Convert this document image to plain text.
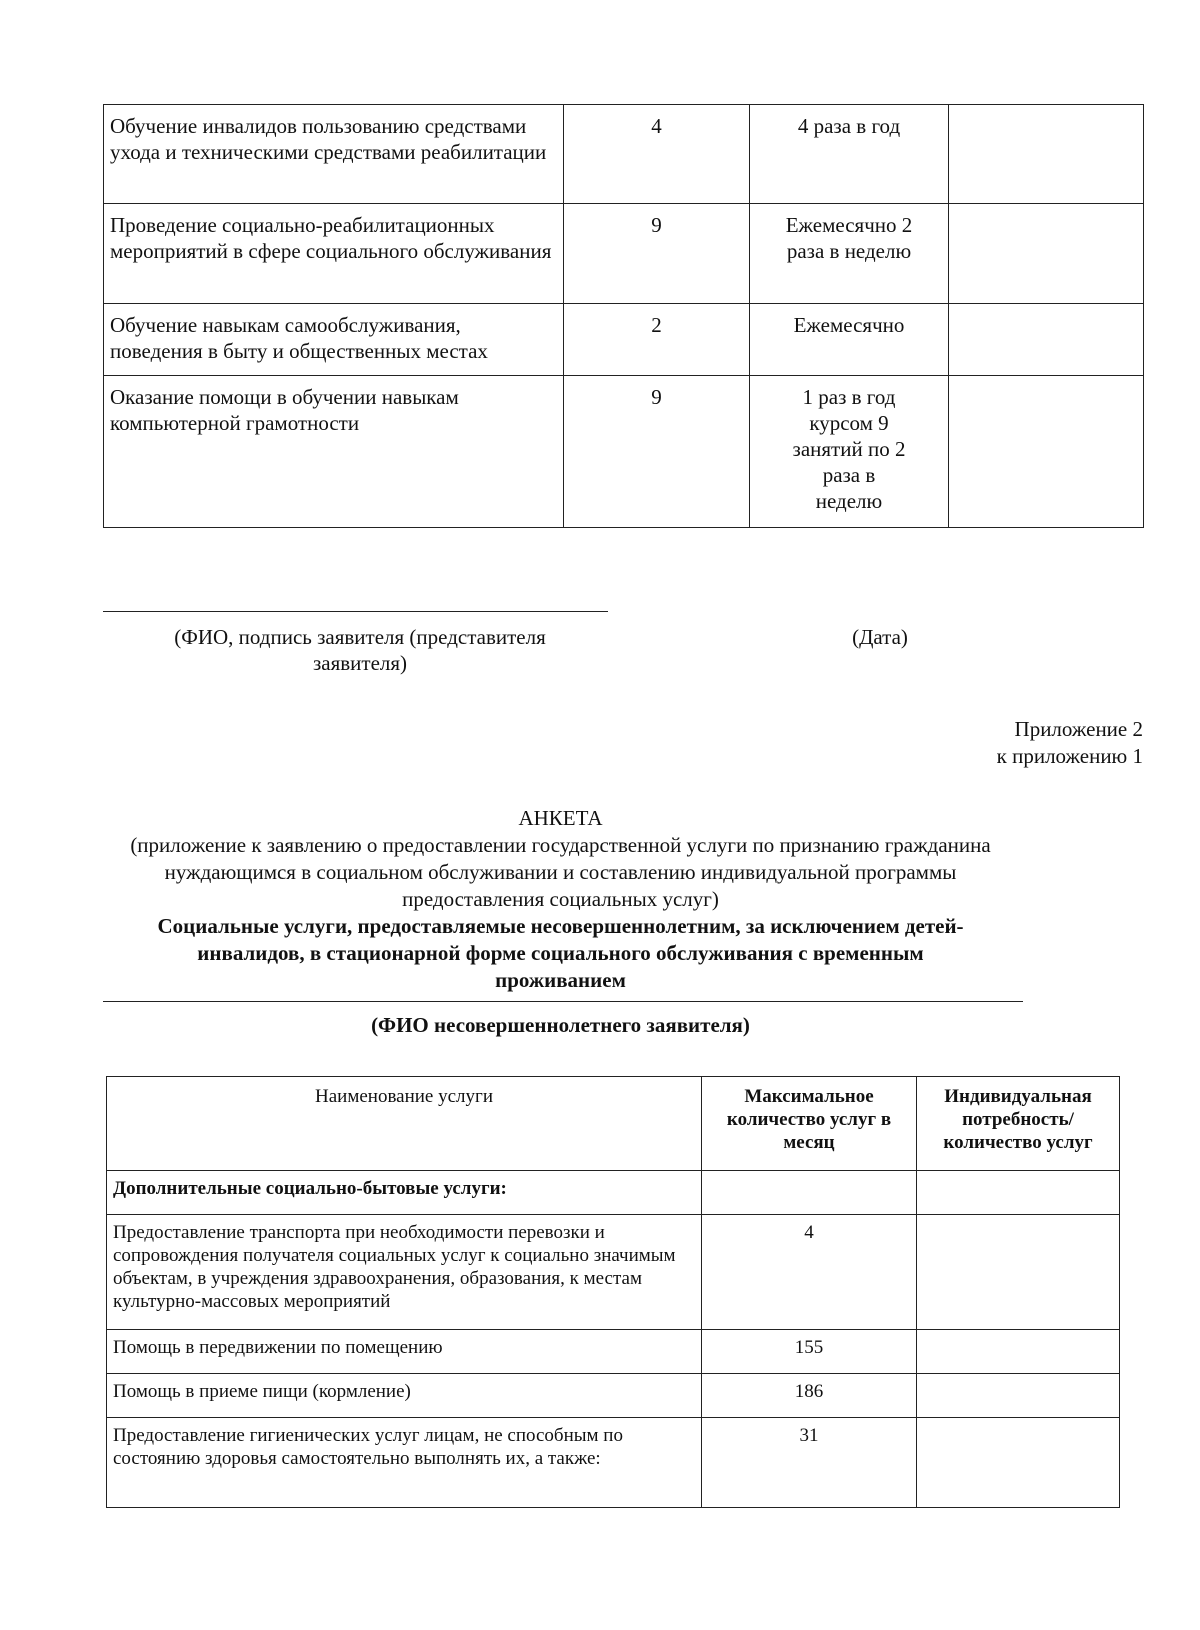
Обучение инвалидов пользованию средствами ухода и техническими средствами реабилитации	4	4 раза в год	
Проведение социально-реабилитационных мероприятий в сфере социального обслуживания	9	Ежемесячно 2 раза в неделю	
Обучение навыкам самообслуживания, поведения в быту и общественных местах	2	Ежемесячно	
Оказание помощи в обучении навыкам компьютерной грамотности	9	1 раз в год курсом 9 занятий по 2 раза в неделю	
(ФИО, подпись заявителя (представителя заявителя)
(Дата)
Приложение 2
к приложению 1
АНКЕТА
(приложение к заявлению о предоставлении государственной услуги по признанию гражданина нуждающимся в социальном обслуживании и составлению индивидуальной программы предоставления социальных услуг)
Социальные услуги, предоставляемые несовершеннолетним, за исключением детей-инвалидов, в стационарной форме социального обслуживания с временным проживанием
(ФИО несовершеннолетнего заявителя)
Наименование услуги	Максимальное количество услуг в месяц	Индивидуальная потребность/количество услуг
Дополнительные социально-бытовые услуги:		
Предоставление транспорта при необходимости перевозки и сопровождения получателя социальных услуг к социально значимым объектам, в учреждения здравоохранения, образования, к местам культурно-массовых мероприятий	4	
Помощь в передвижении по помещению	155	
Помощь в приеме пищи (кормление)	186	
Предоставление гигиенических услуг лицам, не способным по состоянию здоровья самостоятельно выполнять их, а также:	31	
